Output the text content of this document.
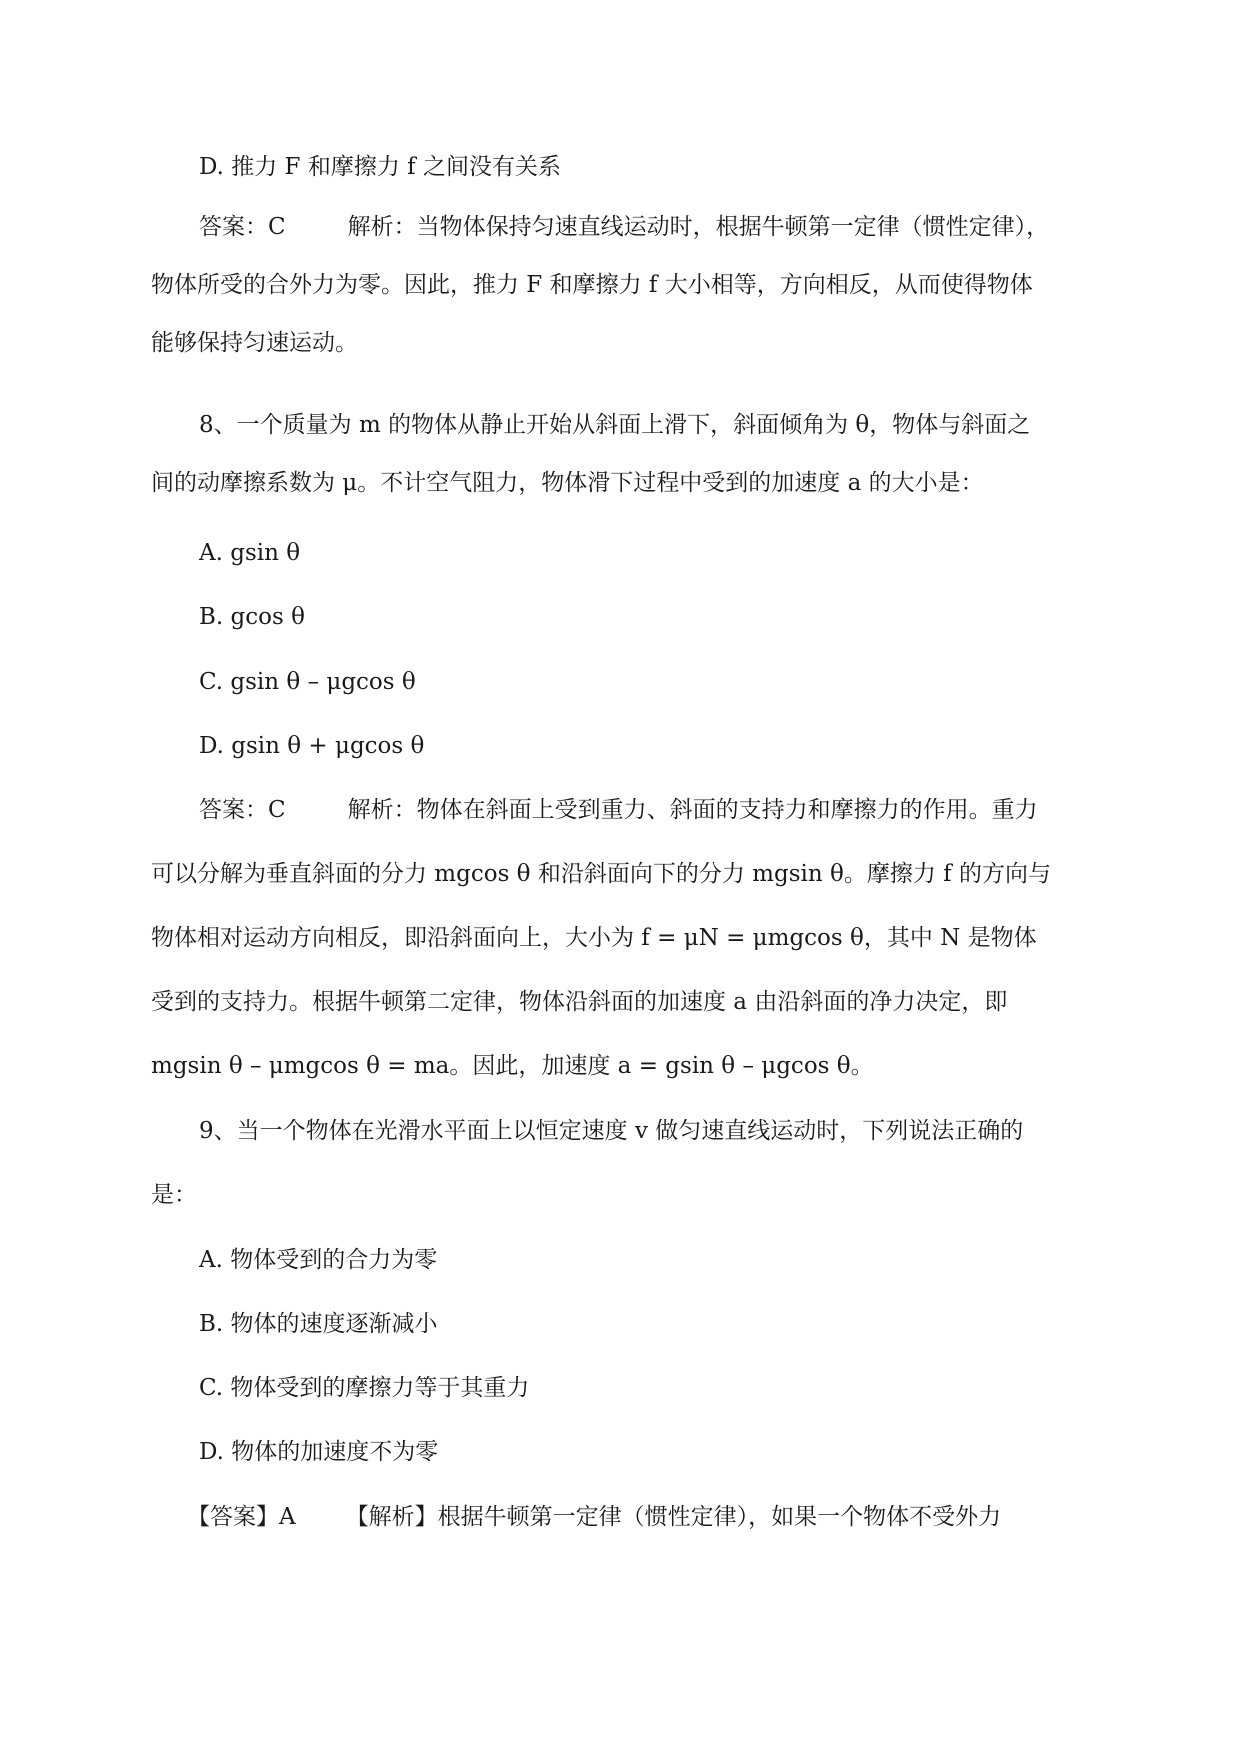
D. 推力 F 和摩擦力 f 之间没有关系
答案：C	解析：当物体保持匀速直线运动时，根据牛顿第一定律（惯性定律），
物体所受的合外力为零。因此，推力 F 和摩擦力 f 大小相等，方向相反，从而使得物体
能够保持匀速运动。
8、一个质量为 m 的物体从静止开始从斜面上滑下，斜面倾角为 θ，物体与斜面之
间的动摩擦系数为 μ。不计空气阻力，物体滑下过程中受到的加速度 a 的大小是：
A. gsin θ
B. gcos θ
C. gsin θ – μgcos θ
D. gsin θ + μgcos θ
答案：C	解析：物体在斜面上受到重力、斜面的支持力和摩擦力的作用。重力
可以分解为垂直斜面的分力 mgcos θ 和沿斜面向下的分力 mgsin θ。摩擦力 f 的方向与
物体相对运动方向相反，即沿斜面向上，大小为 f = μN = μmgcos θ，其中 N 是物体
受到的支持力。根据牛顿第二定律，物体沿斜面的加速度 a 由沿斜面的净力决定，即
mgsin θ – μmgcos θ = ma。因此，加速度 a = gsin θ – μgcos θ。
9、当一个物体在光滑水平面上以恒定速度 v 做匀速直线运动时，下列说法正确的
是：
A. 物体受到的合力为零
B. 物体的速度逐渐减小
C. 物体受到的摩擦力等于其重力
D. 物体的加速度不为零
【答案】A 【解析】根据牛顿第一定律（惯性定律），如果一个物体不受外力
